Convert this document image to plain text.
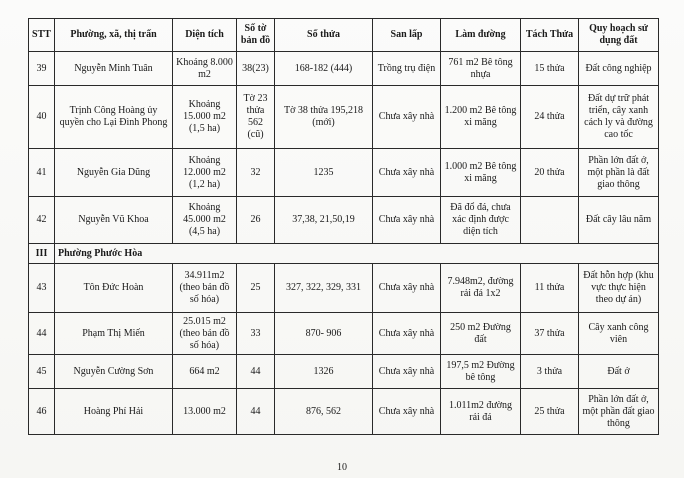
STT	Phường, xã, thị trấn	Diện tích	Số tờ bản đồ	Số thửa	San lấp	Làm đường	Tách Thửa	Quy hoạch sử dụng đất
39	Nguyễn Minh Tuân	Khoảng 8.000 m2	38(23)	168-182 (444)	Trồng trụ điện	761 m2 Bê tông nhựa	15 thửa	Đất công nghiệp
40	Trịnh Công Hoàng ủy quyền cho Lại Đình Phong	Khoảng 15.000 m2 (1,5 ha)	Tờ 23 thửa 562 (cũ)	Tờ 38 thửa 195,218 (mới)	Chưa xây nhà	1.200 m2 Bê tông xi măng	24 thửa	Đất dự trữ phát triển, cây xanh cách ly và đường cao tốc
41	Nguyễn Gia Dũng	Khoảng 12.000 m2 (1,2 ha)	32	1235	Chưa xây nhà	1.000 m2 Bê tông xi măng	20 thửa	Phần lớn đất ở, một phần là đất giao thông
42	Nguyễn Vũ Khoa	Khoảng 45.000 m2 (4,5 ha)	26	37,38, 21,50,19	Chưa xây nhà	Đã đổ đá, chưa xác định được diện tích		Đất cây lâu năm
III	Phường Phước Hòa							
43	Tôn Đức Hoàn	34.911m2 (theo bản đồ số hóa)	25	327, 322, 329, 331	Chưa xây nhà	7.948m2, đường rải đá 1x2	11 thửa	Đất hỗn hợp (khu vực thực hiện theo dự án)
44	Phạm Thị Miến	25.015 m2 (theo bản đồ số hóa)	33	870- 906	Chưa xây nhà	250 m2 Đường đất	37 thửa	Cây xanh công viên
45	Nguyễn Cường Sơn	664 m2	44	1326	Chưa xây nhà	197,5 m2 Đường bê tông	3 thửa	Đất ở
46	Hoàng Phí Hải	13.000 m2	44	876, 562	Chưa xây nhà	1.011m2 đường rải đá	25 thửa	Phần lớn đất ở, một phần đất giao thông
10
